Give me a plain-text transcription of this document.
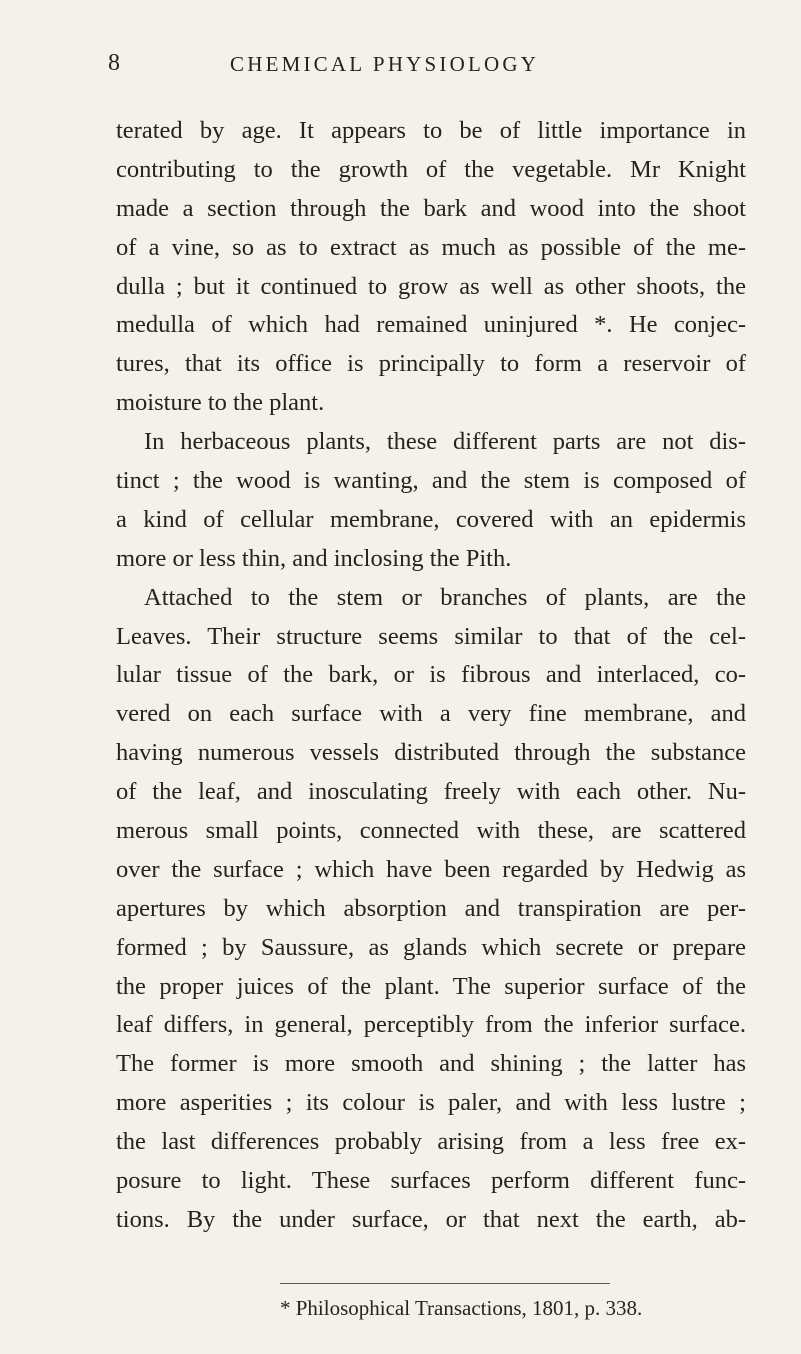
8	CHEMICAL PHYSIOLOGY
terated by age. It appears to be of little importance in
contributing to the growth of the vegetable. Mr Knight
made a section through the bark and wood into the shoot
of a vine, so as to extract as much as possible of the me-
dulla ; but it continued to grow as well as other shoots, the
medulla of which had remained uninjured *. He conjec-
tures, that its office is principally to form a reservoir of
moisture to the plant.
In herbaceous plants, these different parts are not dis-
tinct ; the wood is wanting, and the stem is composed of
a kind of cellular membrane, covered with an epidermis
more or less thin, and inclosing the Pith.
Attached to the stem or branches of plants, are the
Leaves. Their structure seems similar to that of the cel-
lular tissue of the bark, or is fibrous and interlaced, co-
vered on each surface with a very fine membrane, and
having numerous vessels distributed through the substance
of the leaf, and inosculating freely with each other. Nu-
merous small points, connected with these, are scattered
over the surface ; which have been regarded by Hedwig as
apertures by which absorption and transpiration are per-
formed ; by Saussure, as glands which secrete or prepare
the proper juices of the plant. The superior surface of the
leaf differs, in general, perceptibly from the inferior surface.
The former is more smooth and shining ; the latter has
more asperities ; its colour is paler, and with less lustre ;
the last differences probably arising from a less free ex-
posure to light. These surfaces perform different func-
tions. By the under surface, or that next the earth, ab-
* Philosophical Transactions, 1801, p. 338.
